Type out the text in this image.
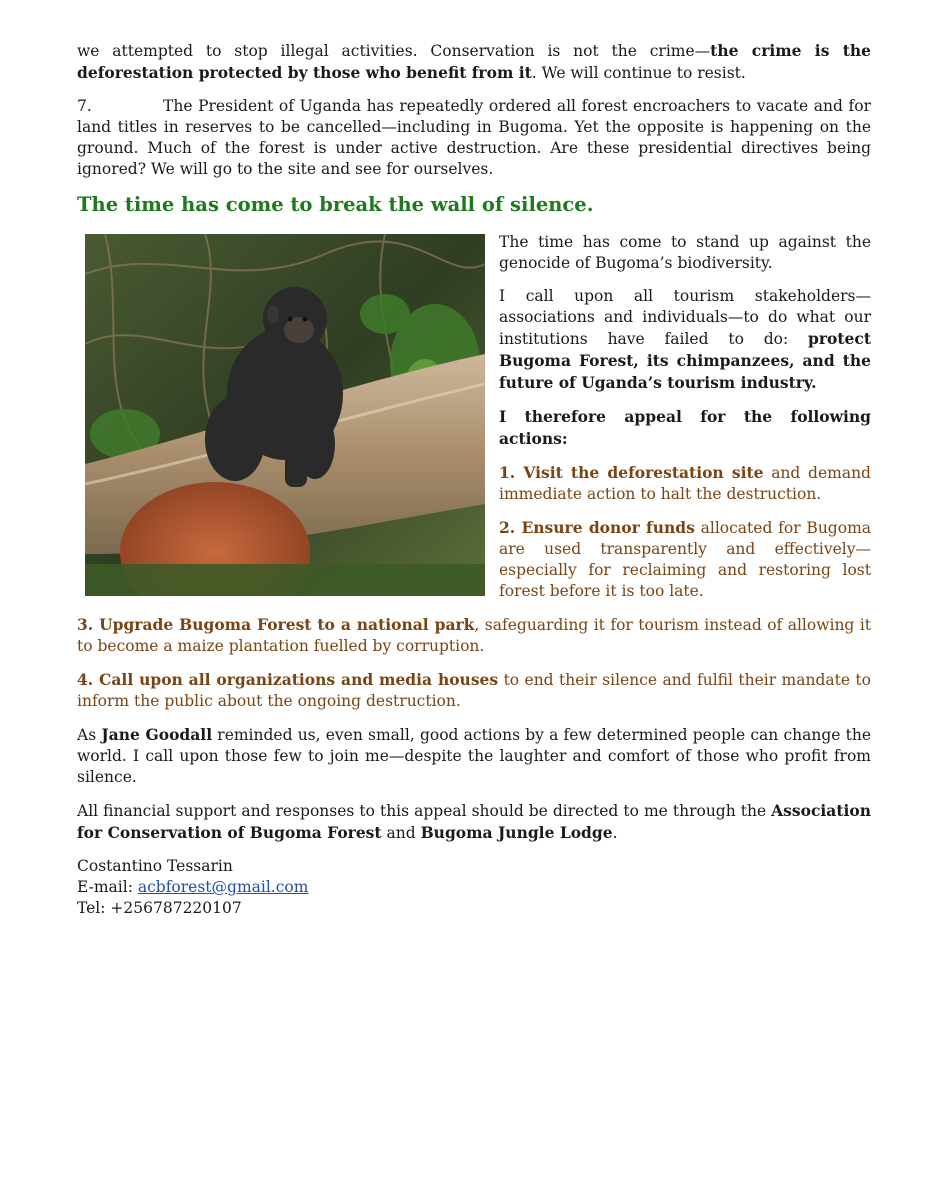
we attempted to stop illegal activities. Conservation is not the crime—the crime is the deforestation protected by those who benefit from it. We will continue to resist.

7.	The President of Uganda has repeatedly ordered all forest encroachers to vacate and for land titles in reserves to be cancelled—including in Bugoma. Yet the opposite is happening on the ground. Much of the forest is under active destruction. Are these presidential directives being ignored? We will go to the site and see for ourselves.

The time has come to break the wall of silence.

The time has come to stand up against the genocide of Bugoma’s biodiversity.

I call upon all tourism stakeholders—associations and individuals—to do what our institutions have failed to do: protect Bugoma Forest, its chimpanzees, and the future of Uganda’s tourism industry.

I therefore appeal for the following actions:

1. Visit the deforestation site and demand immediate action to halt the destruction.

2. Ensure donor funds allocated for Bugoma are used transparently and effectively—especially for reclaiming and restoring lost forest before it is too late.

3. Upgrade Bugoma Forest to a national park, safeguarding it for tourism instead of allowing it to become a maize plantation fuelled by corruption.

4. Call upon all organizations and media houses to end their silence and fulfil their mandate to inform the public about the ongoing destruction.

As Jane Goodall reminded us, even small, good actions by a few determined people can change the world. I call upon those few to join me—despite the laughter and comfort of those who profit from silence.

All financial support and responses to this appeal should be directed to me through the Association for Conservation of Bugoma Forest and Bugoma Jungle Lodge.

Costantino Tessarin

E-mail: acbforest@gmail.com

Tel: +256787220107
